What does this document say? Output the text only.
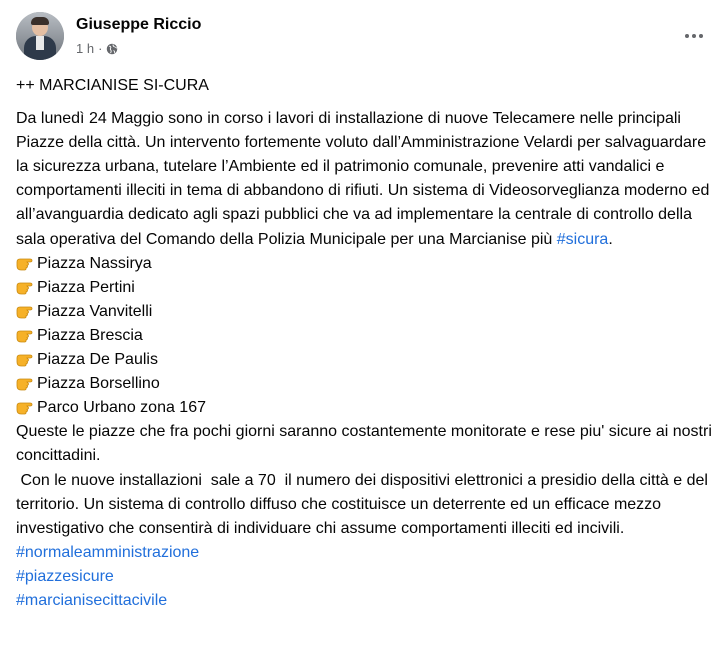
Giuseppe Riccio
1 h ·

++ MARCIANISE SI-CURA

Da lunedì 24 Maggio sono in corso i lavori di installazione di nuove Telecamere nelle principali Piazze della città. Un intervento fortemente voluto dall’Amministrazione Velardi per salvaguardare la sicurezza urbana, tutelare l’Ambiente ed il patrimonio comunale, prevenire atti vandalici e comportamenti illeciti in tema di abbandono di rifiuti. Un sistema di Videosorveglianza moderno ed all’avanguardia dedicato agli spazi pubblici che va ad implementare la centrale di controllo della sala operativa del Comando della Polizia Municipale per una Marcianise più #sicura.

Piazza Nassirya
Piazza Pertini
Piazza Vanvitelli
Piazza Brescia
Piazza De Paulis
Piazza Borsellino
Parco Urbano zona 167

Queste le piazze che fra pochi giorni saranno costantemente monitorate e rese piu' sicure ai nostri concittadini.

Con le nuove installazioni  sale a 70  il numero dei dispositivi elettronici a presidio della città e del territorio. Un sistema di controllo diffuso che costituisce un deterrente ed un efficace mezzo investigativo che consentirà di individuare chi assume comportamenti illeciti ed incivili.

#normaleamministrazione
#piazzesicure
#marcianisecittacivile
